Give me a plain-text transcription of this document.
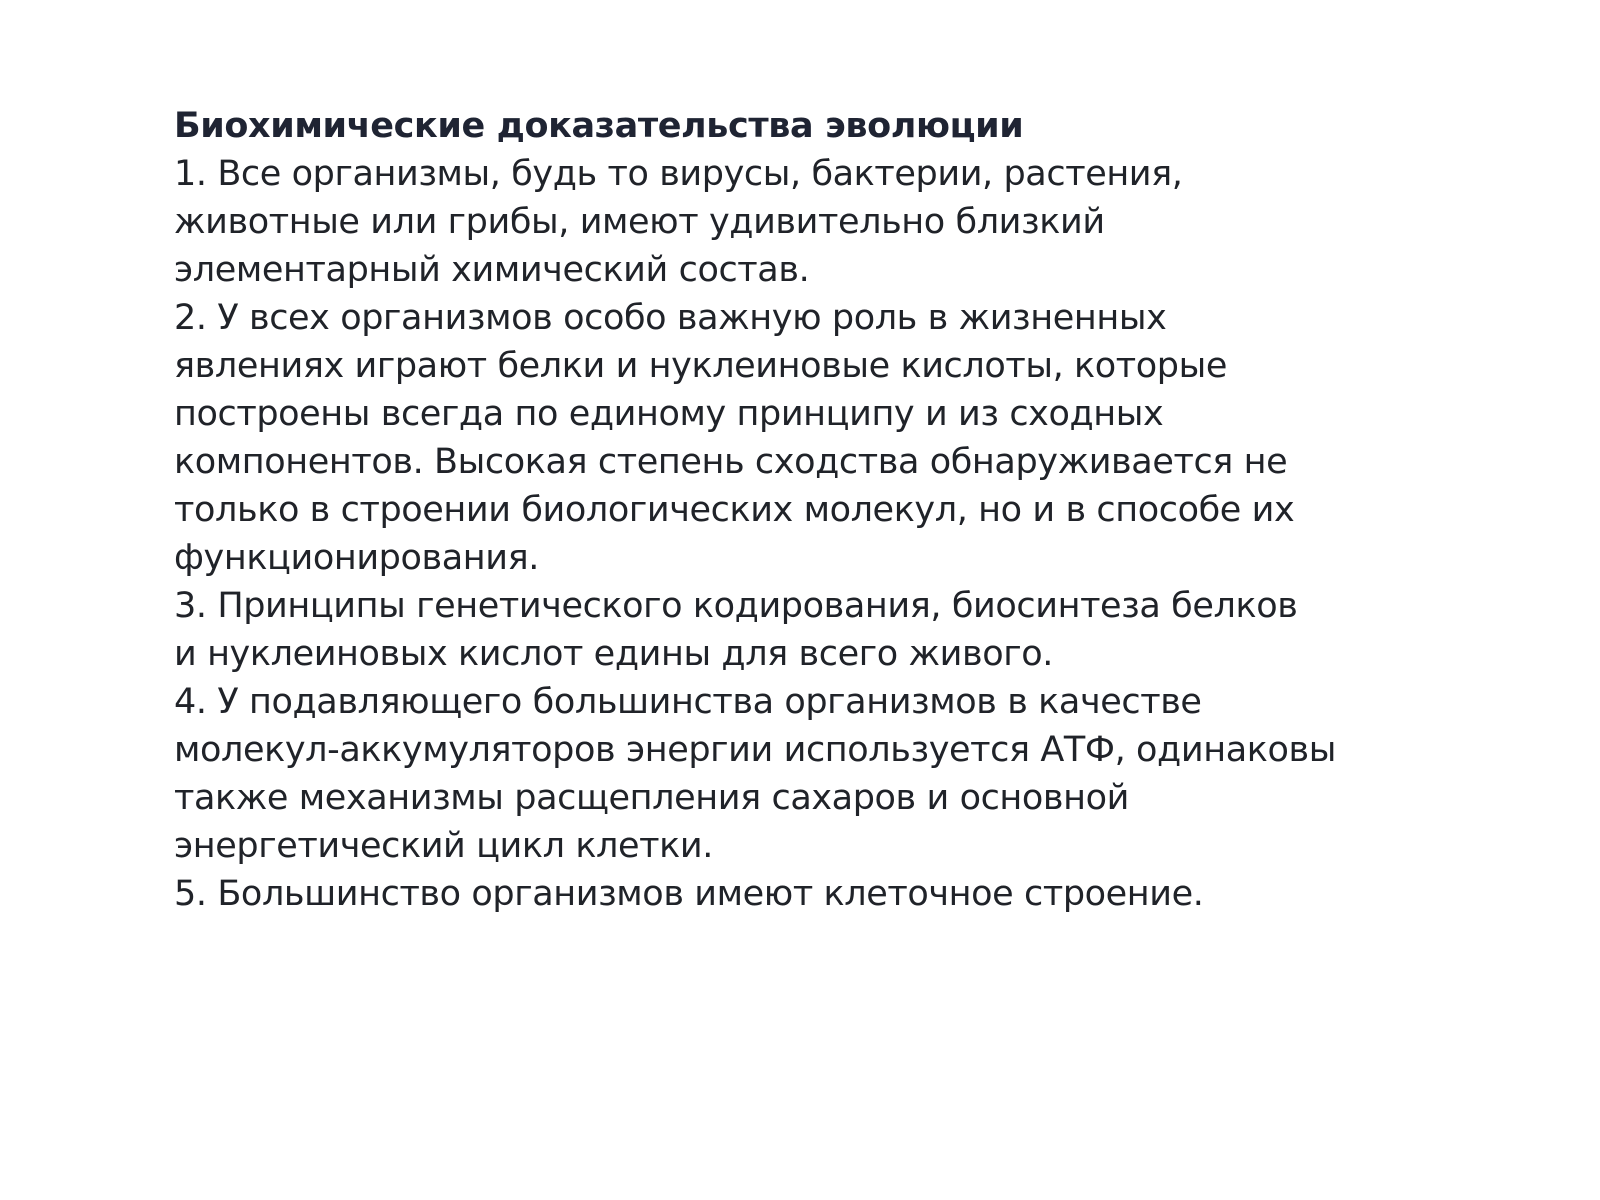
Биохимические доказательства эволюции

1. Все организмы, будь то вирусы, бактерии, растения,

животные или грибы, имеют удивительно близкий

элементарный химический состав.

2. У всех организмов особо важную роль в жизненных

явлениях играют белки и нуклеиновые кислоты, которые

построены всегда по единому принципу и из сходных

компонентов. Высокая степень сходства обнаруживается не

только в строении биологических молекул, но и в способе их

функционирования.

3. Принципы генетического кодирования, биосинтеза белков

и нуклеиновых кислот едины для всего живого.

4. У подавляющего большинства организмов в качестве

молекул-аккумуляторов энергии используется АТФ, одинаковы

также механизмы расщепления сахаров и основной

энергетический цикл клетки.

5. Большинство организмов имеют клеточное строение.
